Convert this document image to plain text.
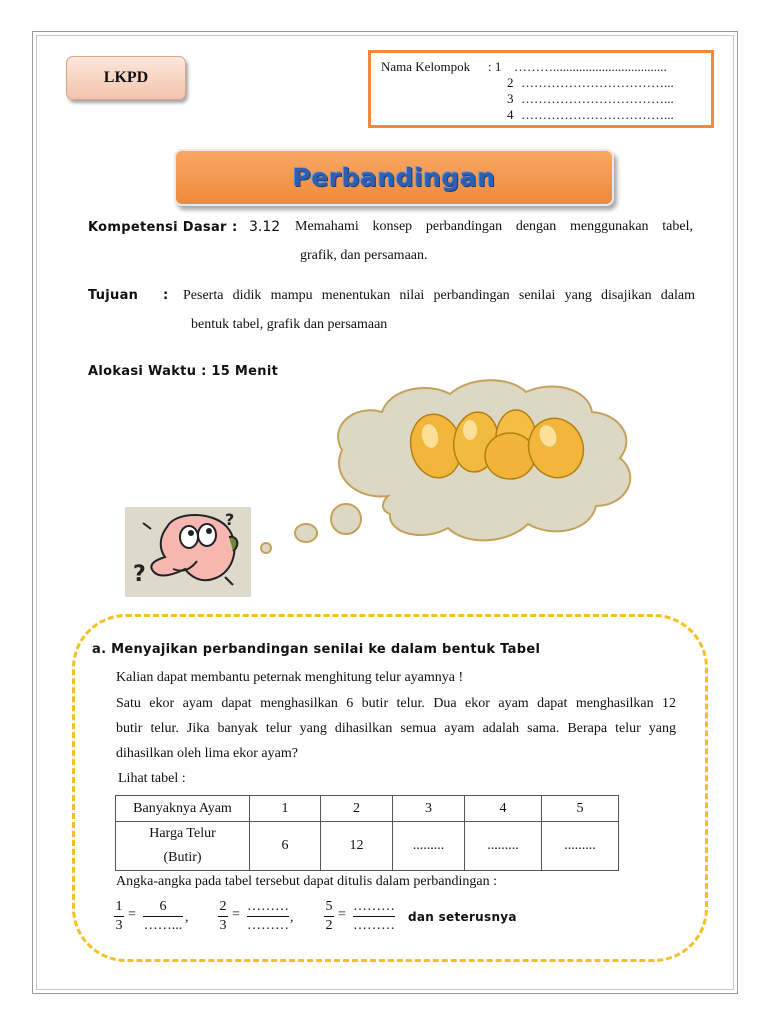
LKPD
Nama Kelompok : 1 ………...................................
2 ……………………………...
3 ……………………………...
4 ……………………………...
Perbandingan
Kompetensi Dasar : 3.12 Memahami konsep perbandingan dengan menggunakan tabel,
grafik, dan persamaan.
Tujuan : Peserta didik mampu menentukan nilai perbandingan senilai yang disajikan dalam
bentuk tabel, grafik dan persamaan
Alokasi Waktu : 15 Menit
?
?
a. Menyajikan perbandingan senilai ke dalam bentuk Tabel
Kalian dapat membantu peternak menghitung telur ayamnya !
Satu ekor ayam dapat menghasilkan 6 butir telur. Dua ekor ayam dapat menghasilkan 12
butir telur. Jika banyak telur yang dihasilkan semua ayam adalah sama. Berapa telur yang
dihasilkan oleh lima ekor ayam?
Lihat tabel :
Banyaknya Ayam	1	2	3	4	5

Harga Telur
(Butir)	6	12	.........	.........	.........
Angka-angka pada tabel tersebut dapat ditulis dalam perbandingan :
1
3
=
6
……...
,
2
3
=
………
………
,
5
2
=
………
………
dan seterusnya
